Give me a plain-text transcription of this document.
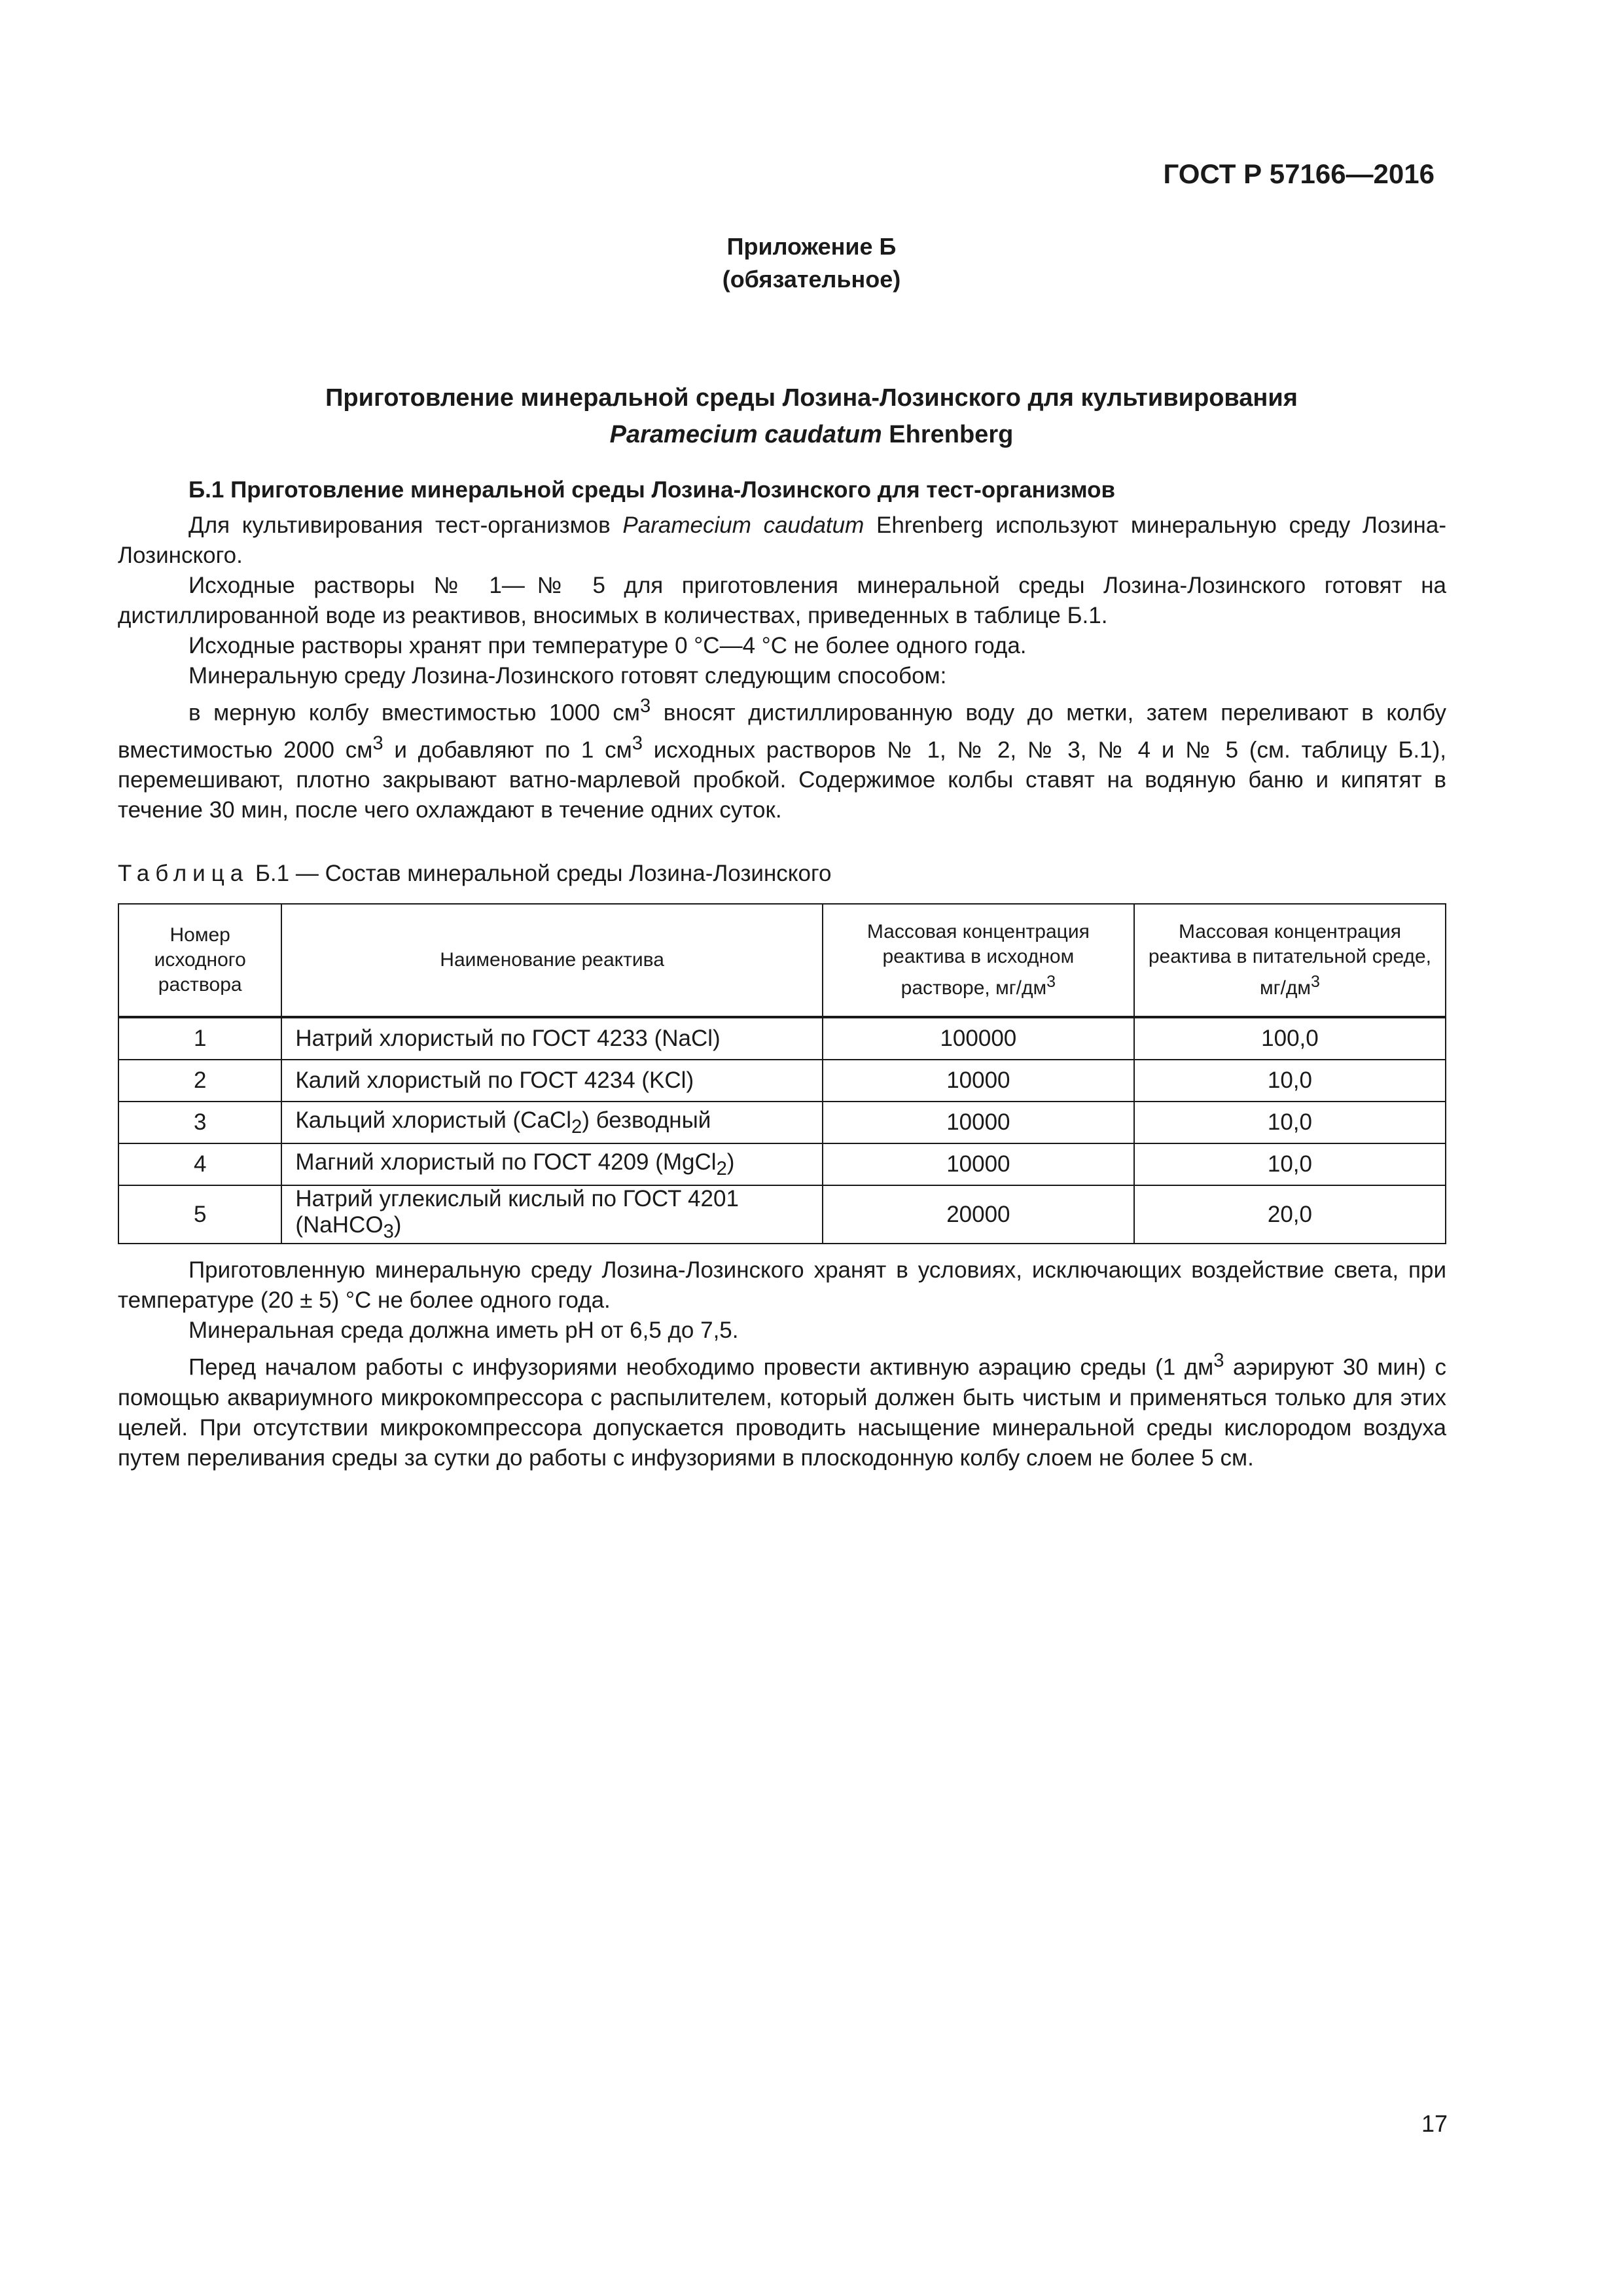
ГОСТ Р 57166—2016

Приложение Б

(обязательное)

Приготовление минеральной среды Лозина-Лозинского для культивирования

Paramecium caudatum Ehrenberg

Б.1 Приготовление минеральной среды Лозина-Лозинского для тест-организмов

Для культивирования тест-организмов Paramecium caudatum Ehrenberg используют минеральную среду Лозина-Лозинского.

Исходные растворы № 1—№ 5 для приготовления минеральной среды Лозина-Лозинского готовят на дистиллированной воде из реактивов, вносимых в количествах, приведенных в таблице Б.1.

Исходные растворы хранят при температуре 0 °С—4 °С не более одного года.

Минеральную среду Лозина-Лозинского готовят следующим способом:

в мерную колбу вместимостью 1000 $см^3$ вносят дистиллированную воду до метки, затем переливают в колбу вместимостью 2000 $см^3$ и добавляют по 1 $см^3$ исходных растворов № 1, № 2, № 3, № 4 и № 5 (см. таблицу Б.1), перемешивают, плотно закрывают ватно-марлевой пробкой. Содержимое колбы ставят на водяную баню и кипятят в течение 30 мин, после чего охлаждают в течение одних суток.

Таблица Б.1 — Состав минеральной среды Лозина-Лозинского
Номер исходного раствора	Наименование реактива	Массовая концентрация реактива в исходном растворе, $мг/дм^3$	Массовая концентрация реактива в питательной среде, $мг/дм^3$
1	Натрий хлористый по ГОСТ 4233 (NaCl)	100000	100,0
2	Калий хлористый по ГОСТ 4234 (KCl)	10000	10,0
3	Кальций хлористый (CaCl$_2$) безводный	10000	10,0
4	Магний хлористый по ГОСТ 4209 (MgCl$_2$)	10000	10,0
5	Натрий углекислый кислый по ГОСТ 4201 (NaHCO$_3$)	20000	20,0

Приготовленную минеральную среду Лозина-Лозинского хранят в условиях, исключающих воздействие света, при температуре (20 ± 5) °С не более одного года.

Минеральная среда должна иметь рН от 6,5 до 7,5.

Перед началом работы с инфузориями необходимо провести активную аэрацию среды (1 $дм^3$ аэрируют 30 мин) с помощью аквариумного микрокомпрессора с распылителем, который должен быть чистым и применяться только для этих целей. При отсутствии микрокомпрессора допускается проводить насыщение минеральной среды кислородом воздуха путем переливания среды за сутки до работы с инфузориями в плоскодонную колбу слоем не более 5 см.

17
